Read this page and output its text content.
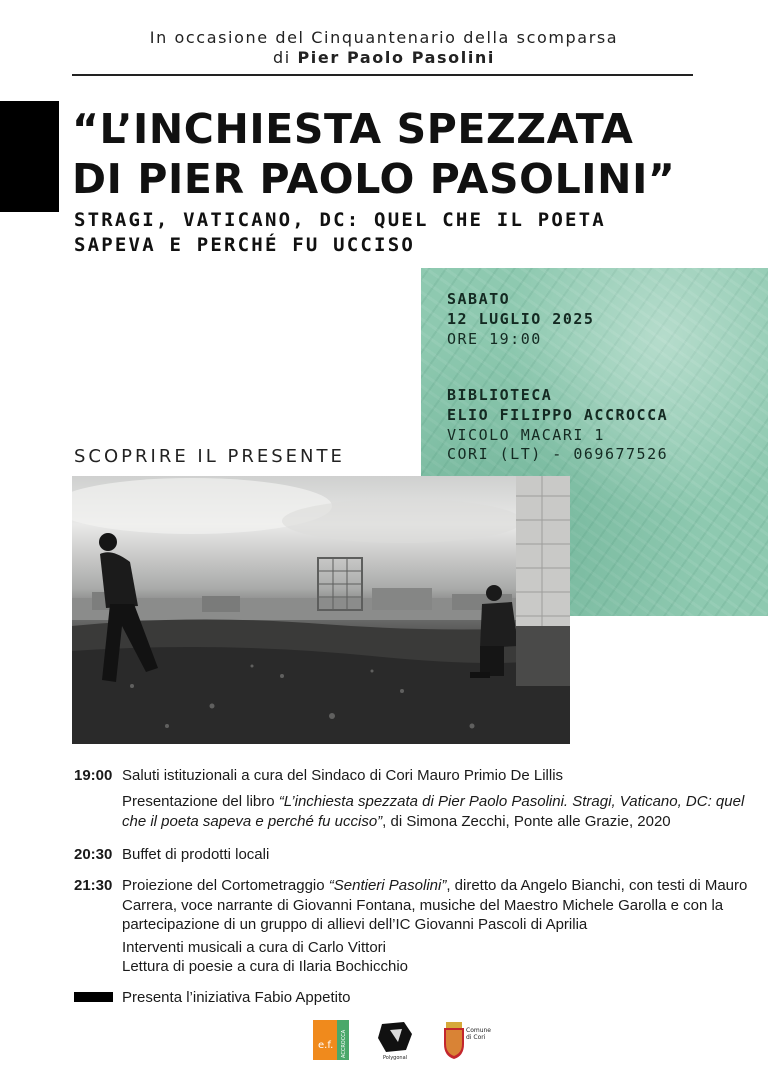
In occasione del Cinquantenario della scomparsa
di Pier Paolo Pasolini
“L’INCHIESTA SPEZZATA
DI PIER PAOLO PASOLINI”
STRAGI, VATICANO, DC: QUEL CHE IL POETA
SAPEVA E PERCHÉ FU UCCISO
SABATO
12 LUGLIO 2025
ORE 19:00
BIBLIOTECA
ELIO FILIPPO ACCROCCA
VICOLO MACARI 1
CORI (LT) - 069677526
SCOPRIRE IL PRESENTE
19:00 Saluti istituzionali a cura del Sindaco di Cori Mauro Primio De Lillis
Presentazione del libro “L’inchiesta spezzata di Pier Paolo Pasolini. Stragi, Vaticano, DC: quel che il poeta sapeva e perché fu ucciso”, di Simona Zecchi, Ponte alle Grazie, 2020
20:30 Buffet di prodotti locali
21:30 Proiezione del Cortometraggio “Sentieri Pasolini”, diretto da Angelo Bianchi, con testi di Mauro Carrera, voce narrante di Giovanni Fontana, musiche del Maestro Michele Garolla e con la partecipazione di un gruppo di allievi dell’IC Giovanni Pascoli di Aprilia
Interventi musicali a cura di Carlo Vittori
Lettura di poesie a cura di Ilaria Bochicchio
Presenta l’iniziativa Fabio Appetito
e.f. ACCROCCA	Polygonal
Comune
di Cori
